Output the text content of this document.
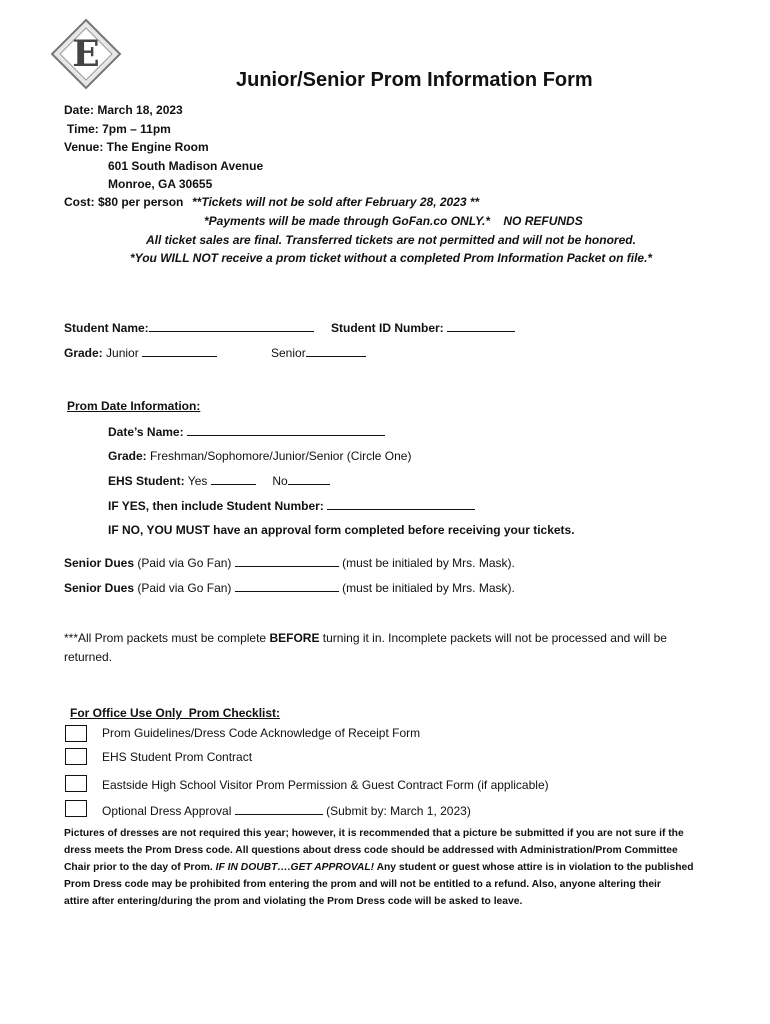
E
Junior/Senior Prom Information Form
Date: March 18, 2023
Time: 7pm – 11pm
Venue: The Engine Room
601 South Madison Avenue
Monroe, GA 30655
Cost: $80 per person **Tickets will not be sold after February 28, 2023 **
*Payments will be made through GoFan.co ONLY.*    NO REFUNDS
All ticket sales are final. Transferred tickets are not permitted and will not be honored.
*You WILL NOT receive a prom ticket without a completed Prom Information Packet on file.*
Student Name:	Student ID Number:
Grade: Junior	Senior
Prom Date Information:
Date’s Name:
Grade: Freshman/Sophomore/Junior/Senior (Circle One)
EHS Student: Yes	No
IF YES, then include Student Number:
IF NO, YOU MUST have an approval form completed before receiving your tickets.
Senior Dues (Paid via Go Fan)	(must be initialed by Mrs. Mask).
Senior Dues (Paid via Go Fan)	(must be initialed by Mrs. Mask).
***All Prom packets must be complete BEFORE turning it in. Incomplete packets will not be processed and will be
returned.
For Office Use Only  Prom Checklist:
Prom Guidelines/Dress Code Acknowledge of Receipt Form
EHS Student Prom Contract
Eastside High School Visitor Prom Permission & Guest Contract Form (if applicable)
Optional Dress Approval	(Submit by: March 1, 2023)
Pictures of dresses are not required this year; however, it is recommended that a picture be submitted if you are not sure if the
dress meets the Prom Dress code. All questions about dress code should be addressed with Administration/Prom Committee
Chair prior to the day of Prom. IF IN DOUBT….GET APPROVAL! Any student or guest whose attire is in violation to the published
Prom Dress code may be prohibited from entering the prom and will not be entitled to a refund. Also, anyone altering their
attire after entering/during the prom and violating the Prom Dress code will be asked to leave.
